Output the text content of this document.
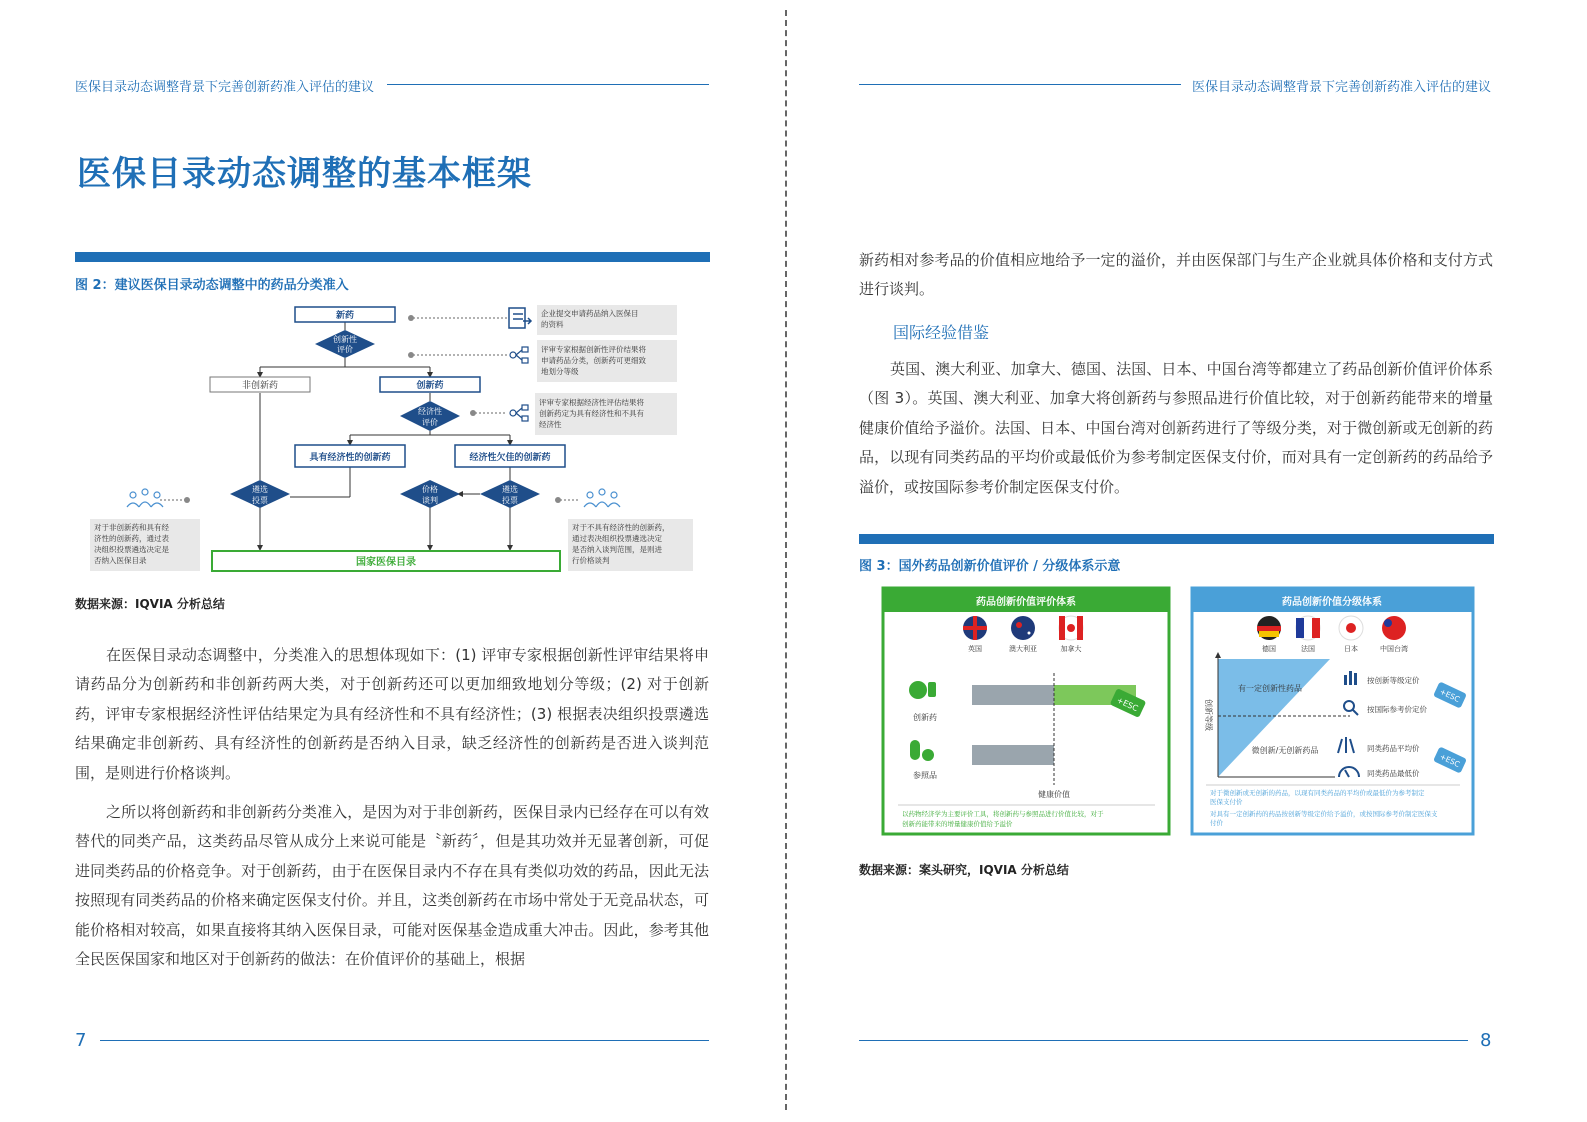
医保目录动态调整背景下完善创新药准入评估的建议	医保目录动态调整背景下完善创新药准入评估的建议
医保目录动态调整的基本框架
图 2：建议医保目录动态调整中的药品分类准入
新药
创新性
评价
非创新药	创新药
经济性
评价
具有经济性的创新药	经济性欠佳的创新药
遴选
投票
价格
谈判
遴选
投票
国家医保目录
企业提交申请药品纳入医保目
的资料
评审专家根据创新性评价结果将
申请药品分类，创新药可更细致
地划分等级
评审专家根据经济性评估结果将
创新药定为具有经济性和不具有
经济性
对于非创新药和具有经
济性的创新药，通过表
决组织投票遴选决定是
否纳入医保目录
对于不具有经济性的创新药，
通过表决组织投票遴选决定
是否纳入谈判范围，是则进
行价格谈判
数据来源：IQVIA 分析总结

在医保目录动态调整中，分类准入的思想体现如下：(1) 评审专家根据创新性评审结果将申请药品分为创新药和非创新药两大类，对于创新药还可以更加细致地划分等级；(2) 对于创新药，评审专家根据经济性评估结果定为具有经济性和不具有经济性；(3) 根据表决组织投票遴选结果确定非创新药、具有经济性的创新药是否纳入目录，缺乏经济性的创新药是否进入谈判范围，是则进行价格谈判。

之所以将创新药和非创新药分类准入，是因为对于非创新药，医保目录内已经存在可以有效替代的同类产品，这类药品尽管从成分上来说可能是〝新药〞，但是其功效并无显著创新，可促进同类药品的价格竞争。对于创新药，由于在医保目录内不存在具有类似功效的药品，因此无法按照现有同类药品的价格来确定医保支付价。并且，这类创新药在市场中常处于无竞品状态，可能价格相对较高，如果直接将其纳入医保目录，可能对医保基金造成重大冲击。因此，参考其他全民医保国家和地区对于创新药的做法：在价值评价的基础上，根据

7

新药相对参考品的价值相应地给予一定的溢价，并由医保部门与生产企业就具体价格和支付方式进行谈判。

国际经验借鉴

英国、澳大利亚、加拿大、德国、法国、日本、中国台湾等都建立了药品创新价值评价体系（图 3）。英国、澳大利亚、加拿大将创新药与参照品进行价值比较，对于创新药能带来的增量健康价值给予溢价。法国、日本、中国台湾对创新药进行了等级分类，对于微创新或无创新的药品，以现有同类药品的平均价或最低价为参考制定医保支付价，而对具有一定创新药的药品给予溢价，或按国际参考价制定医保支付价。

图 3：国外药品创新价值评价 / 分级体系示意
药品创新价值评价体系
英国	澳大利亚	加拿大
创新药
参照品
健康价值
+ESC
以药物经济学为主要评价工具，将创新药与参照品进行价值比较，对于
创新药能带来的增量健康价值给予溢价
药品创新价值分级体系
德国	法国	日本	中国台湾
创新等级
有一定创新性药品
微创新/无创新药品
按创新等级定价
按国际参考价定价
同类药品平均价
同类药品最低价
+ESC
+ESC
对于微创新或无创新的药品，以现有同类药品的平均价或最低价为参考制定
医保支付价
对具有一定创新药的药品按创新等级定价给予溢价，或按国际参考价制定医保支
付价
数据来源：案头研究，IQVIA 分析总结
8
